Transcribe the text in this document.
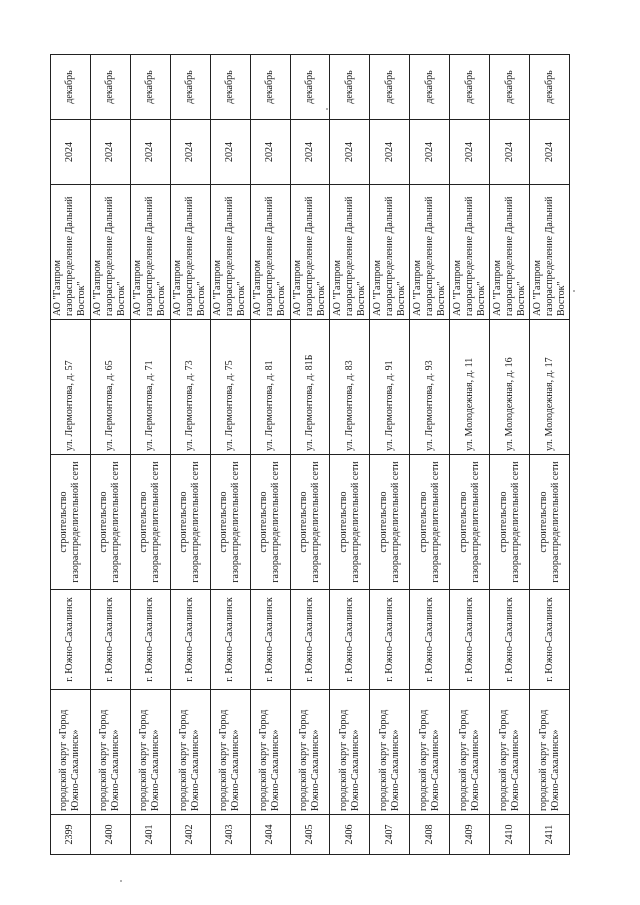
2399	городской округ «Город Южно-Сахалинск»	г. Южно-Сахалинск	строительство газораспределительной сети	ул. Лермонтова, д. 57	АО "Газпром газораспределение Дальний Восток"	2024	декабрь
2400	городской округ «Город Южно-Сахалинск»	г. Южно-Сахалинск	строительство газораспределительной сети	ул. Лермонтова, д. 65	АО "Газпром газораспределение Дальний Восток"	2024	декабрь
2401	городской округ «Город Южно-Сахалинск»	г. Южно-Сахалинск	строительство газораспределительной сети	ул. Лермонтова, д. 71	АО "Газпром газораспределение Дальний Восток"	2024	декабрь
2402	городской округ «Город Южно-Сахалинск»	г. Южно-Сахалинск	строительство газораспределительной сети	ул. Лермонтова, д. 73	АО "Газпром газораспределение Дальний Восток"	2024	декабрь
2403	городской округ «Город Южно-Сахалинск»	г. Южно-Сахалинск	строительство газораспределительной сети	ул. Лермонтова, д. 75	АО "Газпром газораспределение Дальний Восток"	2024	декабрь
2404	городской округ «Город Южно-Сахалинск»	г. Южно-Сахалинск	строительство газораспределительной сети	ул. Лермонтова, д. 81	АО "Газпром газораспределение Дальний Восток"	2024	декабрь
2405	городской округ «Город Южно-Сахалинск»	г. Южно-Сахалинск	строительство газораспределительной сети	ул. Лермонтова, д. 81Б	АО "Газпром газораспределение Дальний Восток"	2024	декабрь
2406	городской округ «Город Южно-Сахалинск»	г. Южно-Сахалинск	строительство газораспределительной сети	ул. Лермонтова, д. 83	АО "Газпром газораспределение Дальний Восток"	2024	декабрь
2407	городской округ «Город Южно-Сахалинск»	г. Южно-Сахалинск	строительство газораспределительной сети	ул. Лермонтова, д. 91	АО "Газпром газораспределение Дальний Восток"	2024	декабрь
2408	городской округ «Город Южно-Сахалинск»	г. Южно-Сахалинск	строительство газораспределительной сети	ул. Лермонтова, д. 93	АО "Газпром газораспределение Дальний Восток"	2024	декабрь
2409	городской округ «Город Южно-Сахалинск»	г. Южно-Сахалинск	строительство газораспределительной сети	ул. Молодежная, д. 11	АО "Газпром газораспределение Дальний Восток"	2024	декабрь
2410	городской округ «Город Южно-Сахалинск»	г. Южно-Сахалинск	строительство газораспределительной сети	ул. Молодежная, д. 16	АО "Газпром газораспределение Дальний Восток"	2024	декабрь
2411	городской округ «Город Южно-Сахалинск»	г. Южно-Сахалинск	строительство газораспределительной сети	ул. Молодежная, д. 17	АО "Газпром газораспределение Дальний Восток"	2024	декабрь
